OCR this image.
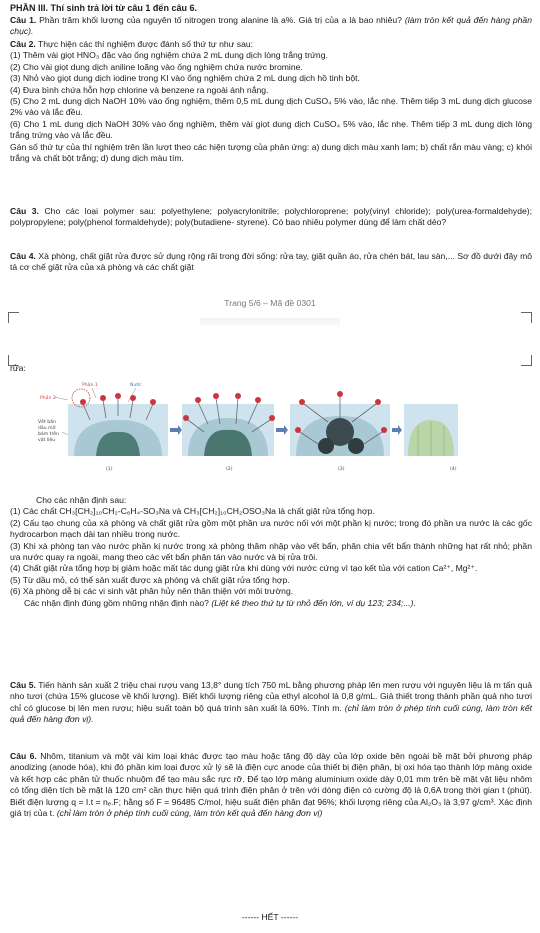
PHẦN III. Thí sinh trả lời từ câu 1 đến câu 6.

Câu 1. Phần trăm khối lượng của nguyên tố nitrogen trong alanine là a%. Giá trị của a là bao nhiêu? (làm tròn kết quả đến hàng phần chục).

Câu 2. Thực hiện các thí nghiệm được đánh số thứ tự như sau:

(1) Thêm vài giọt HNO₃ đặc vào ống nghiệm chứa 2 mL dung dịch lòng trắng trứng.

(2) Cho vài giọt dung dịch aniline loãng vào ống nghiệm chứa nước bromine.

(3) Nhỏ vào giọt dung dịch iodine trong KI vào ống nghiệm chứa 2 mL dung dịch hồ tinh bột.

(4) Đưa bình chứa hỗn hợp chlorine và benzene ra ngoài ánh nắng.

(5) Cho 2 mL dung dịch NaOH 10% vào ống nghiệm, thêm 0,5 mL dung dịch CuSO₄ 5% vào, lắc nhẹ. Thêm tiếp 3 mL dung dịch glucose 2% vào và lắc đều.

(6) Cho 1 mL dung dịch NaOH 30% vào ống nghiệm, thêm vài giọt dung dịch CuSO₄ 5% vào, lắc nhẹ. Thêm tiếp 3 mL dung dịch lòng trắng trứng vào và lắc đều.

Gán số thứ tự của thí nghiệm trên lần lượt theo các hiện tượng của phản ứng: a) dung dịch màu xanh lam; b) chất rắn màu vàng; c) khói trắng và chất bột trắng; d) dung dịch màu tím.

Câu 3. Cho các loại polymer sau: polyethylene; polyacrylonitrile; polychloroprene; poly(vinyl chloride); poly(urea-formaldehyde); polypropylene; poly(phenol formaldehyde); poly(butadiene- styrene). Có bao nhiêu polymer dùng để làm chất dẻo?

Câu 4. Xà phòng, chất giặt rửa được sử dụng rộng rãi trong đời sống: rửa tay, giặt quần áo, rửa chén bát, lau sàn,... Sơ đồ dưới đây mô tả cơ chế giặt rửa của xà phòng và các chất giặt

Trang 5/6 – Mã đề 0301

rửa:

Phần 1	Nước
Phần 2
Vết bẩn
dầu mỡ
bám trên
vật liệu
(1)	(2)	(3)	(4)

Cho các nhận định sau:

(1) Các chất CH₃[CH₂]₁₀CH₂-C₆H₄-SO₃Na và CH₃[CH₂]₁₀CH₂OSO₃Na là chất giặt rửa tổng hợp.

(2) Cấu tạo chung của xà phòng và chất giặt rửa gồm một phần ưa nước nối với một phần kị nước; trong đó phần ưa nước là các gốc hydrocarbon mạch dài tan nhiều trong nước.

(3) Khi xà phòng tan vào nước phần kị nước trong xà phòng thâm nhập vào vết bẩn, phân chia vết bẩn thành những hạt rất nhỏ; phần ưa nước quay ra ngoài, mang theo các vết bẩn phân tán vào nước và bị rửa trôi.

(4) Chất giặt rửa tổng hợp bị giảm hoặc mất tác dụng giặt rửa khi dùng với nước cứng vì tạo kết tủa với cation Ca²⁺, Mg²⁺.

(5) Từ dầu mỏ, có thể sản xuất được xà phòng và chất giặt rửa tổng hợp.

(6) Xà phòng dễ bị các vi sinh vật phân hủy nên thân thiện với môi trường.

Các nhận định đúng gồm những nhận định nào? (Liệt kê theo thứ tự từ nhỏ đến lớn, ví dụ 123; 234;...).

Câu 5. Tiến hành sản xuất 2 triệu chai rượu vang 13,8° dung tích 750 mL bằng phương pháp lên men rượu với nguyên liệu là m tấn quả nho tươi (chứa 15% glucose về khối lượng). Biết khối lượng riêng của ethyl alcohol là 0,8 g/mL. Giả thiết trong thành phần quả nho tươi chỉ có glucose bị lên men rượu; hiệu suất toàn bộ quá trình sản xuất là 60%. Tính m. (chỉ làm tròn ở phép tính cuối cùng, làm tròn kết quả đến hàng đơn vị).

Câu 6. Nhôm, titanium và một vài kim loại khác được tạo màu hoặc tăng độ dày của lớp oxide bên ngoài bề mặt bởi phương pháp anodizing (anode hóa), khi đó phần kim loại được xử lý sẽ là điện cực anode của thiết bị điện phân, bị oxi hóa tạo thành lớp màng oxide và kết hợp các phân tử thuốc nhuộm để tạo màu sắc rực rỡ. Để tạo lớp màng aluminium oxide dày 0,01 mm trên bề mặt vật liệu nhôm có tổng diện tích bề mặt là 120 cm² cần thực hiện quá trình điện phân ở trên với dòng điện có cường độ là 0,6A trong thời gian t (phút). Biết điện lượng q = I.t = nₑ.F; hằng số F = 96485 C/mol, hiệu suất điện phân đạt 96%; khối lượng riêng của Al₂O₃ là 3,97 g/cm³. Xác định giá trị của t. (chỉ làm tròn ở phép tính cuối cùng, làm tròn kết quả đến hàng đơn vị)

------ HẾT ------
